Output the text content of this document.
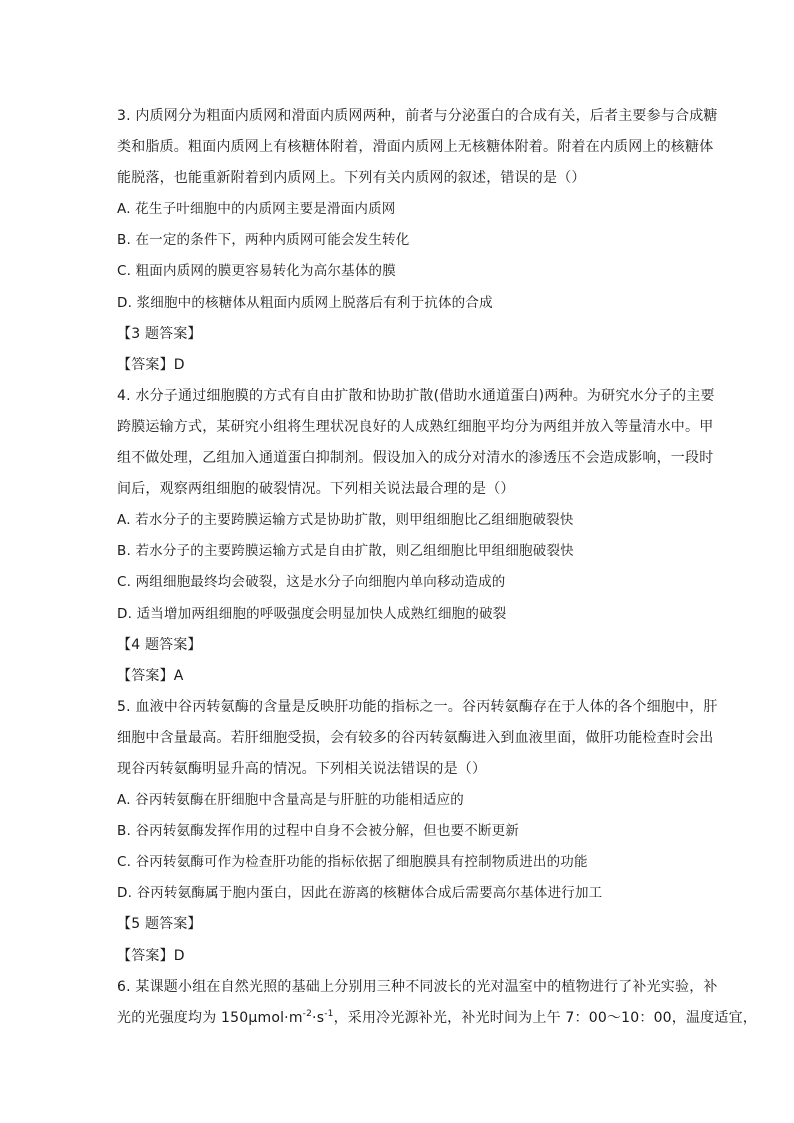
3. 内质网分为粗面内质网和滑面内质网两种，前者与分泌蛋白的合成有关，后者主要参与合成糖
类和脂质。粗面内质网上有核糖体附着，滑面内质网上无核糖体附着。附着在内质网上的核糖体
能脱落，也能重新附着到内质网上。下列有关内质网的叙述，错误的是（）
A. 花生子叶细胞中的内质网主要是滑面内质网
B. 在一定的条件下，两种内质网可能会发生转化
C. 粗面内质网的膜更容易转化为高尔基体的膜
D. 浆细胞中的核糖体从粗面内质网上脱落后有利于抗体的合成
【3 题答案】
【答案】D
4. 水分子通过细胞膜的方式有自由扩散和协助扩散(借助水通道蛋白)两种。为研究水分子的主要
跨膜运输方式，某研究小组将生理状况良好的人成熟红细胞平均分为两组并放入等量清水中。甲
组不做处理，乙组加入通道蛋白抑制剂。假设加入的成分对清水的渗透压不会造成影响，一段时
间后，观察两组细胞的破裂情况。下列相关说法最合理的是（）
A. 若水分子的主要跨膜运输方式是协助扩散，则甲组细胞比乙组细胞破裂快
B. 若水分子的主要跨膜运输方式是自由扩散，则乙组细胞比甲组细胞破裂快
C. 两组细胞最终均会破裂，这是水分子向细胞内单向移动造成的
D. 适当增加两组细胞的呼吸强度会明显加快人成熟红细胞的破裂
【4 题答案】
【答案】A
5. 血液中谷丙转氨酶的含量是反映肝功能的指标之一。谷丙转氨酶存在于人体的各个细胞中，肝
细胞中含量最高。若肝细胞受损，会有较多的谷丙转氨酶进入到血液里面，做肝功能检查时会出
现谷丙转氨酶明显升高的情况。下列相关说法错误的是（）
A. 谷丙转氨酶在肝细胞中含量高是与肝脏的功能相适应的
B. 谷丙转氨酶发挥作用的过程中自身不会被分解，但也要不断更新
C. 谷丙转氨酶可作为检查肝功能的指标依据了细胞膜具有控制物质进出的功能
D. 谷丙转氨酶属于胞内蛋白，因此在游离的核糖体合成后需要高尔基体进行加工
【5 题答案】
【答案】D
6. 某课题小组在自然光照的基础上分别用三种不同波长的光对温室中的植物进行了补光实验，补
光的光强度均为 $150\mu mol\cdot m^{-2}\cdot s^{-1}$，采用冷光源补光，补光时间为上午 7：00～10：00，温度适宜，
